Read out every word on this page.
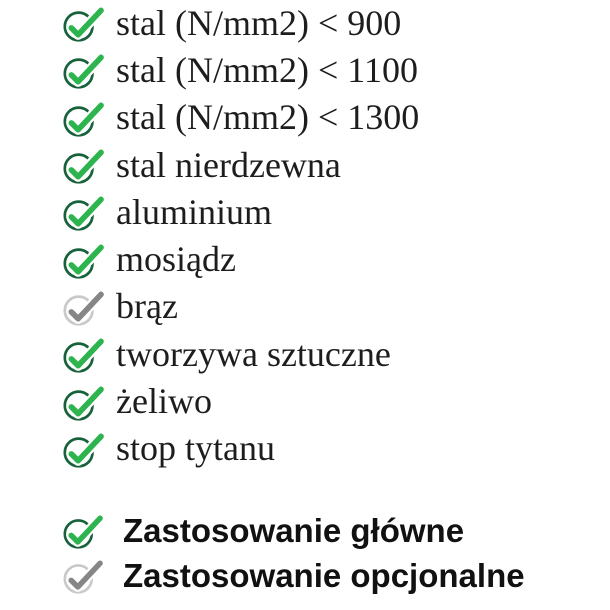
stal (N/mm2) < 900
stal (N/mm2) < 1100
stal (N/mm2) < 1300
stal nierdzewna
aluminium
mosiądz
brąz
tworzywa sztuczne
żeliwo
stop tytanu
Zastosowanie główne
Zastosowanie opcjonalne
